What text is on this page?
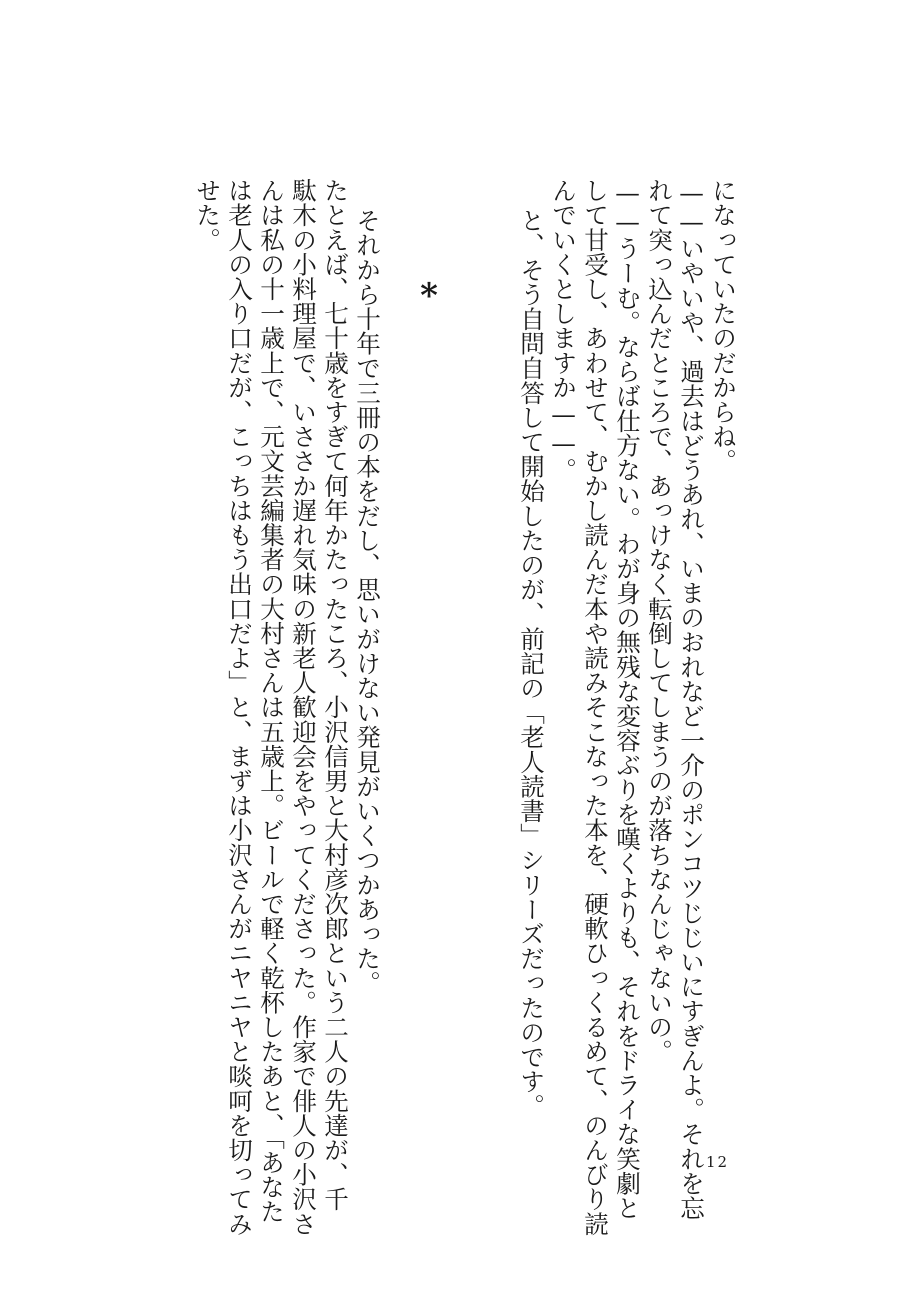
になっていたのだからね。
——いやいや、過去はどうあれ、いまのおれなど一介のポンコツじじいにすぎんよ。それを忘
れて突っ込んだところで、あっけなく転倒してしまうのが落ちなんじゃないの。
——うーむ。ならば仕方ない。わが身の無残な変容ぶりを嘆くよりも、それをドライな笑劇と
して甘受し、あわせて、むかし読んだ本や読みそこなった本を、硬軟ひっくるめて、のんびり読
んでいくとしますか——。
と、そう自問自答して開始したのが、前記の「老人読書」シリーズだったのです。
*
それから十年で三冊の本をだし、思いがけない発見がいくつかあった。
たとえば、七十歳をすぎて何年かたったころ、小沢信男と大村彦次郎という二人の先達が、千
駄木の小料理屋で、いささか遅れ気味の新老人歓迎会をやってくださった。作家で俳人の小沢さ
んは私の十一歳上で、元文芸編集者の大村さんは五歳上。ビールで軽く乾杯したあと、「あなた
は老人の入り口だが、こっちはもう出口だよ」と、まずは小沢さんがニヤニヤと啖呵を切ってみ
せた。
12
